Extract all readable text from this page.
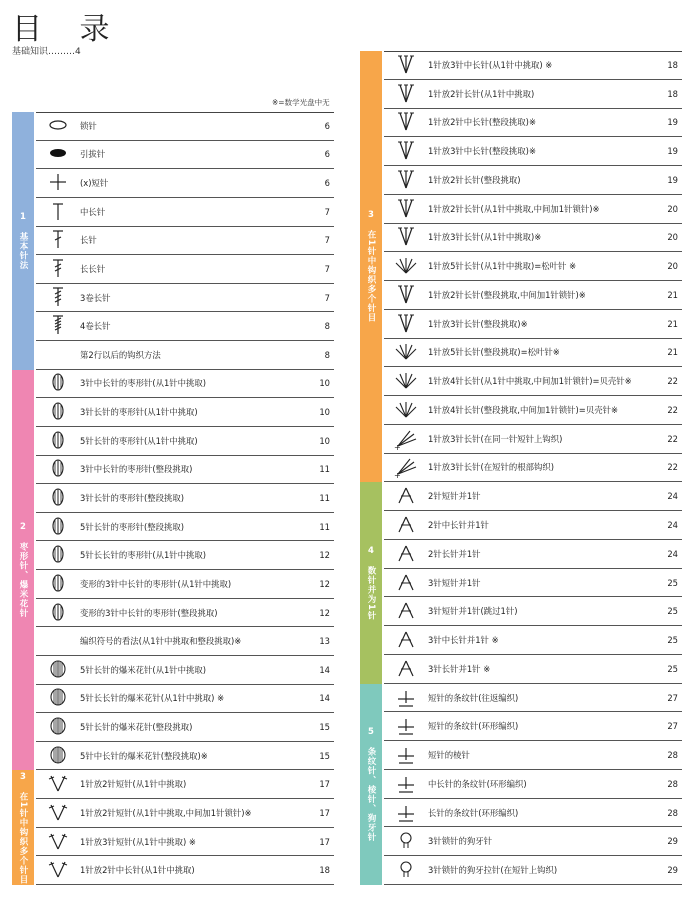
目 录
基础知识………4
※=数学光盘中无
1
基本针法
2
枣形针、爆米花针
3
在1针中钩织多个针目
锁针	6
引拔针	6
(x)短针	6
中长针	7
长针	7
长长针	7
3卷长针	7
4卷长针	8
第2行以后的钩织方法	8
3针中长针的枣形针(从1针中挑取)	10
3针长针的枣形针(从1针中挑取)	10
5针长针的枣形针(从1针中挑取)	10
3针中长针的枣形针(整段挑取)	11
3针长针的枣形针(整段挑取)	11
5针长针的枣形针(整段挑取)	11
5针长长针的枣形针(从1针中挑取)	12
变形的3针中长针的枣形针(从1针中挑取)	12
变形的3针中长针的枣形针(整段挑取)	12
编织符号的看法(从1针中挑取和整段挑取)※	13
5针长针的爆米花针(从1针中挑取)	14
5针长长针的爆米花针(从1针中挑取) ※	14
5针长针的爆米花针(整段挑取)	15
5针中长针的爆米花针(整段挑取)※	15
1针放2针短针(从1针中挑取)	17
1针放2针短针(从1针中挑取,中间加1针锁针)※	17
1针放3针短针(从1针中挑取) ※	17
1针放2针中长针(从1针中挑取)	18
3
在1针中钩织多个针目
4
数针并为1针
5
条纹针、棱针、狗牙针
1针放3针中长针(从1针中挑取) ※	18
1针放2针长针(从1针中挑取)	18
1针放2针中长针(整段挑取)※	19
1针放3针中长针(整段挑取)※	19
1针放2针长针(整段挑取)	19
1针放2针长针(从1针中挑取,中间加1针锁针)※	20
1针放3针长针(从1针中挑取)※	20
1针放5针长针(从1针中挑取)=松叶针 ※	20
1针放2针长针(整段挑取,中间加1针锁针)※	21
1针放3针长针(整段挑取)※	21
1针放5针长针(整段挑取)=松叶针※	21
1针放4针长针(从1针中挑取,中间加1针锁针)=贝壳针※	22
1针放4针长针(整段挑取,中间加1针锁针)=贝壳针※	22
+
1针放3针长针(在同一针短针上钩织)	22
+
1针放3针长针(在短针的根部钩织)	22
2针短针并1针	24
2针中长针并1针	24
2针长针并1针	24
3针短针并1针	25
3针短针并1针(跳过1针)	25
3针中长针并1针 ※	25
3针长针并1针 ※	25
短针的条纹针(往返编织)	27
短针的条纹针(环形编织)	27
短针的棱针	28
中长针的条纹针(环形编织)	28
长针的条纹针(环形编织)	28
3针锁针的狗牙针	29
3针锁针的狗牙拉针(在短针上钩织)	29
